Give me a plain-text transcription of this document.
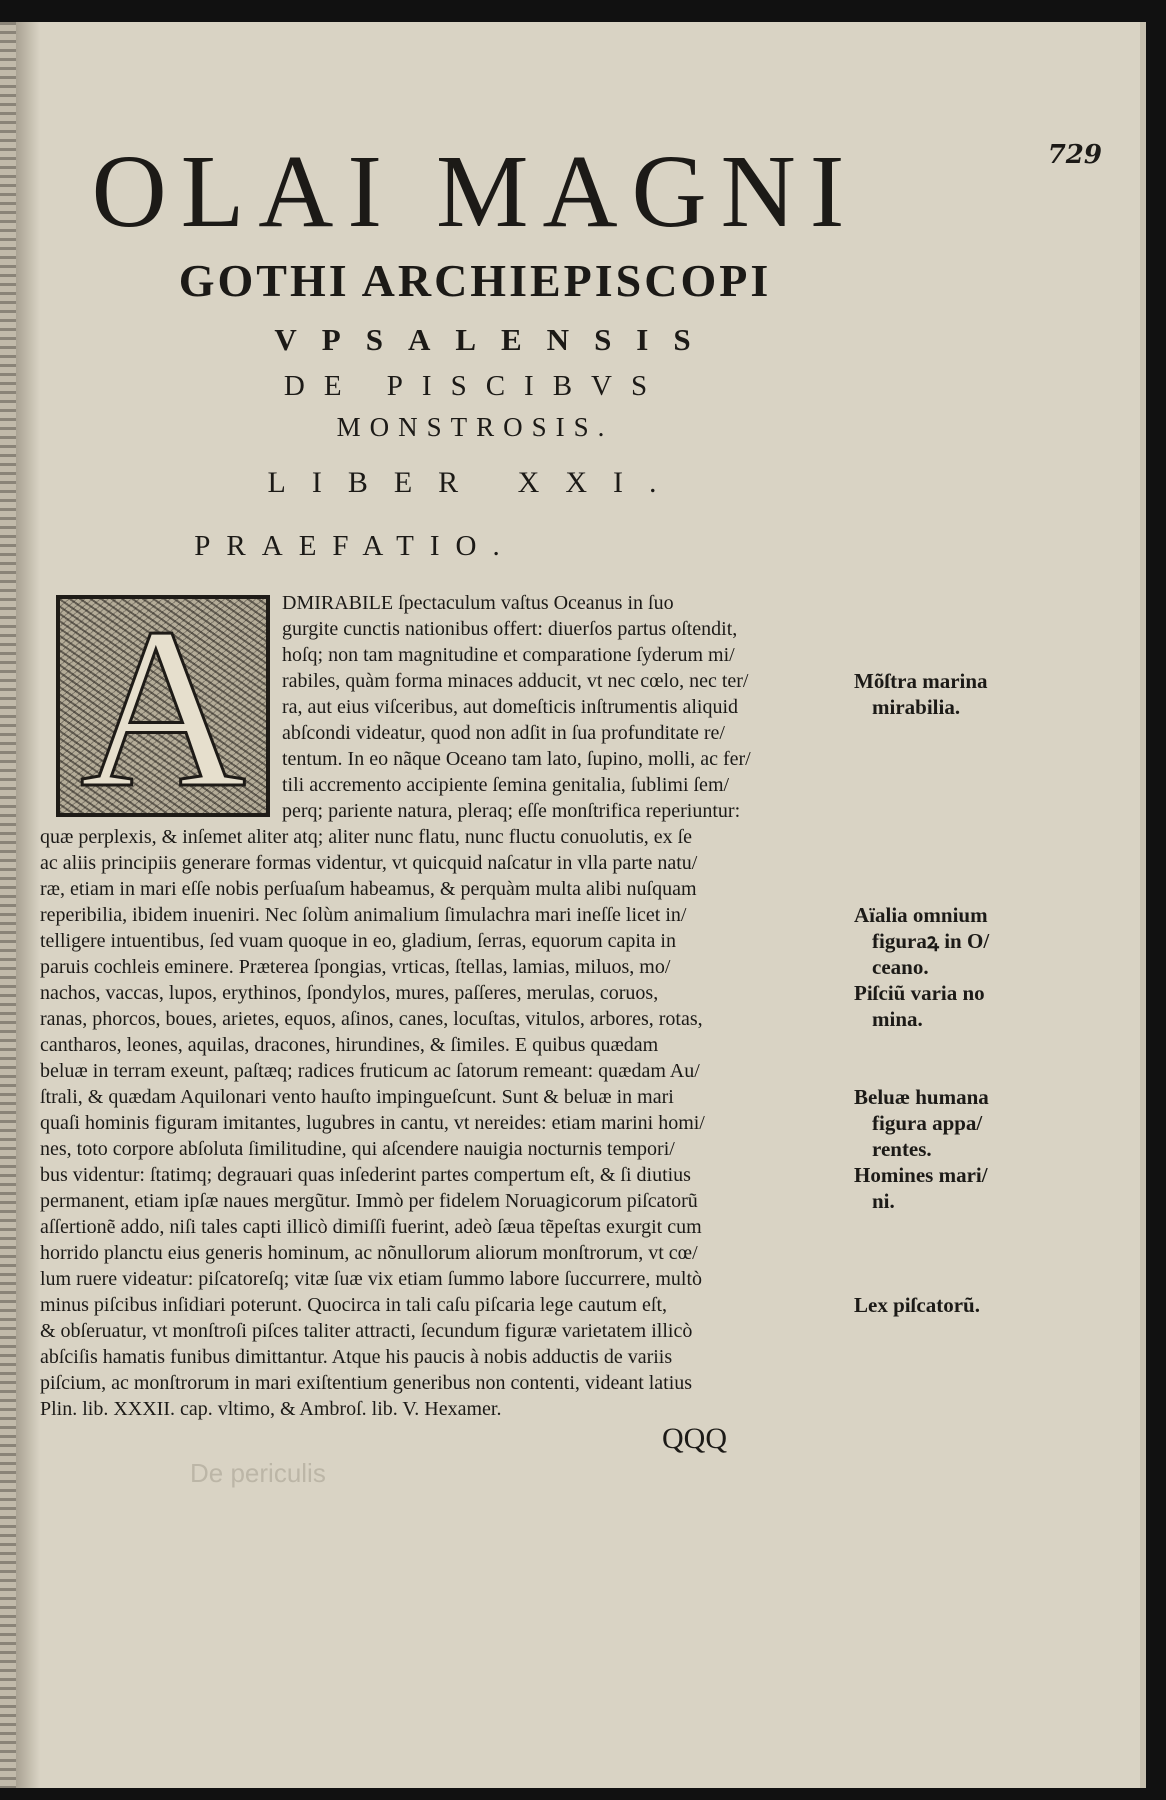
729
OLAI MAGNI
GOTHI ARCHIEPISCOPI
VPSALENSIS
DE PISCIBVS
MONSTROSIS.
LIBER XXI.
PRAEFATIO.
A	DMIRABILE ſpectaculum vaſtus Oceanus in ſuo
gurgite cunctis nationibus offert: diuerſos partus oſtendit,
hoſq; non tam magnitudine et comparatione ſyderum mi/
rabiles, quàm forma minaces adducit, vt nec cœlo, nec ter/
ra, aut eius viſceribus, aut domeſticis inſtrumentis aliquid
abſcondi videatur, quod non adſit in ſua profunditate re/
tentum. In eo nãque Oceano tam lato, ſupino, molli, ac fer/
tili accremento accipiente ſemina genitalia, ſublimi ſem/
perq; pariente natura, pleraq; eſſe monſtrifica reperiuntur:
quæ perplexis, & inſemet aliter atq; aliter nunc flatu, nunc fluctu conuolutis, ex ſe
ac aliis principiis generare formas videntur, vt quicquid naſcatur in vlla parte natu/
ræ, etiam in mari eſſe nobis perſuaſum habeamus, & perquàm multa alibi nuſquam
reperibilia, ibidem inueniri. Nec ſolùm animalium ſimulachra mari ineſſe licet in/
telligere intuentibus, ſed vuam quoque in eo, gladium, ſerras, equorum capita in
paruis cochleis eminere. Præterea ſpongias, vrticas, ſtellas, lamias, miluos, mo/
nachos, vaccas, lupos, erythinos, ſpondylos, mures, paſſeres, merulas, coruos,
ranas, phorcos, boues, arietes, equos, aſinos, canes, locuſtas, vitulos, arbores, rotas,
cantharos, leones, aquilas, dracones, hirundines, & ſimiles. E quibus quædam
beluæ in terram exeunt, paſtæq; radices fruticum ac ſatorum remeant: quædam Au/
ſtrali, & quædam Aquilonari vento hauſto impingueſcunt. Sunt & beluæ in mari
quaſi hominis figuram imitantes, lugubres in cantu, vt nereides: etiam marini homi/
nes, toto corpore abſoluta ſimilitudine, qui aſcendere nauigia nocturnis tempori/
bus videntur: ſtatimq; degrauari quas inſederint partes compertum eſt, & ſi diutius
permanent, etiam ipſæ naues mergũtur. Immò per fidelem Noruagicorum piſcatorũ
aſſertionẽ addo, niſi tales capti illicò dimiſſi fuerint, adeò ſæua tẽpeſtas exurgit cum
horrido planctu eius generis hominum, ac nõnullorum aliorum monſtrorum, vt cœ/
lum ruere videatur: piſcatoreſq; vitæ ſuæ vix etiam ſummo labore ſuccurrere, multò
minus piſcibus inſidiari poterunt. Quocirca in tali caſu piſcaria lege cautum eſt,
& obſeruatur, vt monſtroſi piſces taliter attracti, ſecundum figuræ varietatem illicò
abſciſis hamatis funibus dimittantur. Atque his paucis à nobis adductis de variis
piſcium, ac monſtrorum in mari exiſtentium generibus non contenti, videant latius
Plin. lib. XXXII. cap. vltimo, & Ambroſ. lib. V. Hexamer.
Mõſtra marina
mirabilia.
Aïalia omnium
figuraꝝ in O/
ceano.
Piſciũ varia no
mina.
Beluæ humana
figura appa/
rentes.
Homines mari/
ni.
Lex piſcatorũ.
QQQ
De periculis
